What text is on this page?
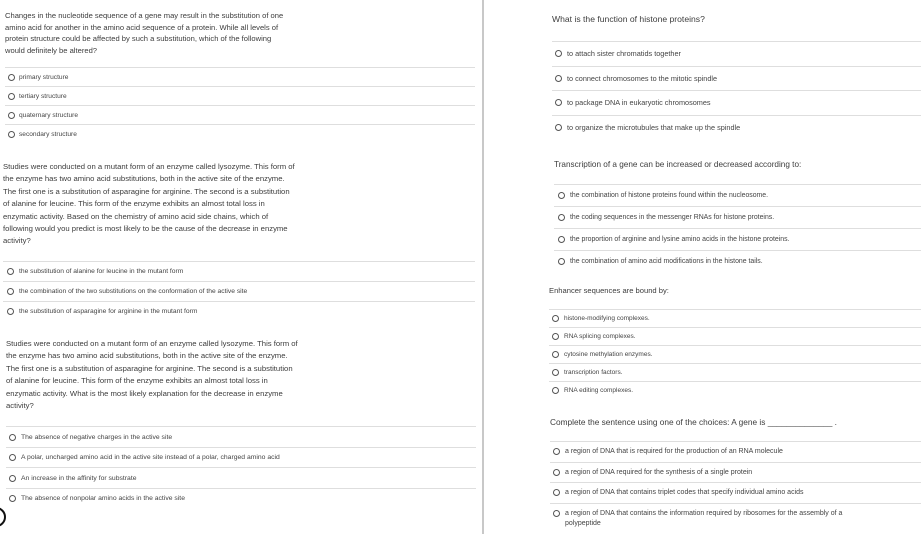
Changes in the nucleotide sequence of a gene may result in the substitution of one
amino acid for another in the amino acid sequence of a protein. While all levels of
protein structure could be affected by such a substitution, which of the following
would definitely be altered?
primary structure
tertiary structure
quaternary structure
secondary structure
Studies were conducted on a mutant form of an enzyme called lysozyme. This form of
the enzyme has two amino acid substitutions, both in the active site of the enzyme.
The first one is a substitution of asparagine for arginine. The second is a substitution
of alanine for leucine. This form of the enzyme exhibits an almost total loss in
enzymatic activity. Based on the chemistry of amino acid side chains, which of
following would you predict is most likely to be the cause of the decrease in enzyme
activity?
the substitution of alanine for leucine in the mutant form
the combination of the two substitutions on the conformation of the active site
the substitution of asparagine for arginine in the mutant form
Studies were conducted on a mutant form of an enzyme called lysozyme. This form of
the enzyme has two amino acid substitutions, both in the active site of the enzyme.
The first one is a substitution of asparagine for arginine. The second is a substitution
of alanine for leucine. This form of the enzyme exhibits an almost total loss in
enzymatic activity. What is the most likely explanation for the decrease in enzyme
activity?
The absence of negative charges in the active site
A polar, uncharged amino acid in the active site instead of a polar, charged amino acid
An increase in the affinity for substrate
The absence of nonpolar amino acids in the active site
What is the function of histone proteins?
to attach sister chromatids together
to connect chromosomes to the mitotic spindle
to package DNA in eukaryotic chromosomes
to organize the microtubules that make up the spindle
Transcription of a gene can be increased or decreased according to:
the combination of histone proteins found within the nucleosome.
the coding sequences in the messenger RNAs for histone proteins.
the proportion of arginine and lysine amino acids in the histone proteins.
the combination of amino acid modifications in the histone tails.
Enhancer sequences are bound by:
histone-modifying complexes.
RNA splicing complexes.
cytosine methylation enzymes.
transcription factors.
RNA editing complexes.
Complete the sentence using one of the choices: A gene is ______________ .
a region of DNA that is required for the production of an RNA molecule
a region of DNA required for the synthesis of a single protein
a region of DNA that contains triplet codes that specify individual amino acids
a region of DNA that contains the information required by ribosomes for the assembly of a
polypeptide
